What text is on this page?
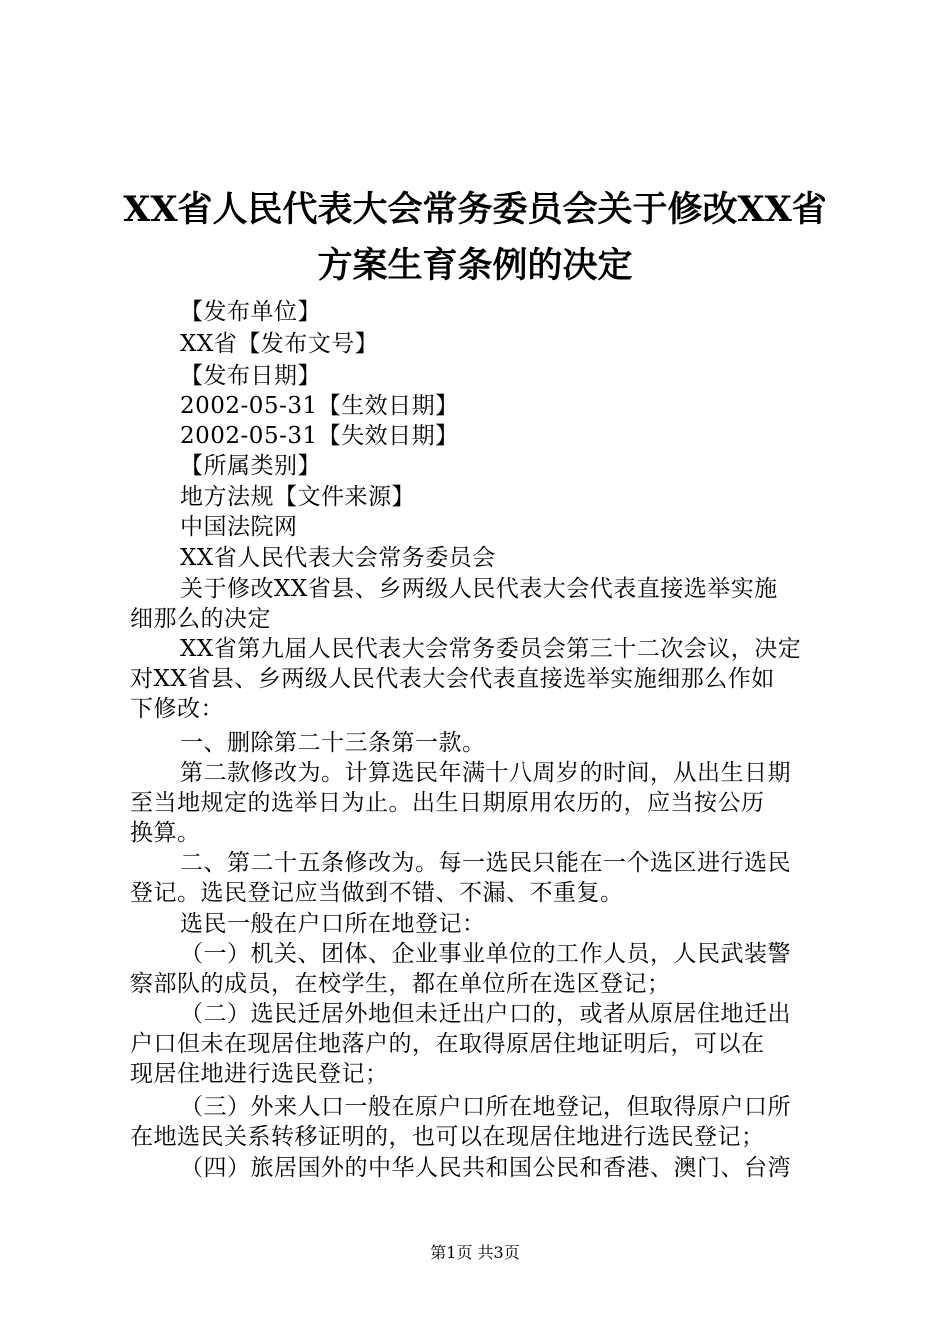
XX省人民代表大会常务委员会关于修改XX省
方案生育条例的决定
【发布单位】
XX省【发布文号】
【发布日期】
2002-05-31【生效日期】
2002-05-31【失效日期】
【所属类别】
地方法规【文件来源】
中国法院网
XX省人民代表大会常务委员会
关于修改XX省县、乡两级人民代表大会代表直接选举实施
细那么的决定
XX省第九届人民代表大会常务委员会第三十二次会议，决定
对XX省县、乡两级人民代表大会代表直接选举实施细那么作如
下修改：
一、删除第二十三条第一款。
第二款修改为。计算选民年满十八周岁的时间，从出生日期
至当地规定的选举日为止。出生日期原用农历的，应当按公历
换算。
二、第二十五条修改为。每一选民只能在一个选区进行选民
登记。选民登记应当做到不错、不漏、不重复。
选民一般在户口所在地登记：
（一）机关、团体、企业事业单位的工作人员，人民武装警
察部队的成员，在校学生，都在单位所在选区登记；
（二）选民迁居外地但未迁出户口的，或者从原居住地迁出
户口但未在现居住地落户的，在取得原居住地证明后，可以在
现居住地进行选民登记；
（三）外来人口一般在原户口所在地登记，但取得原户口所
在地选民关系转移证明的，也可以在现居住地进行选民登记；
（四）旅居国外的中华人民共和国公民和香港、澳门、台湾
第1页 共3页
